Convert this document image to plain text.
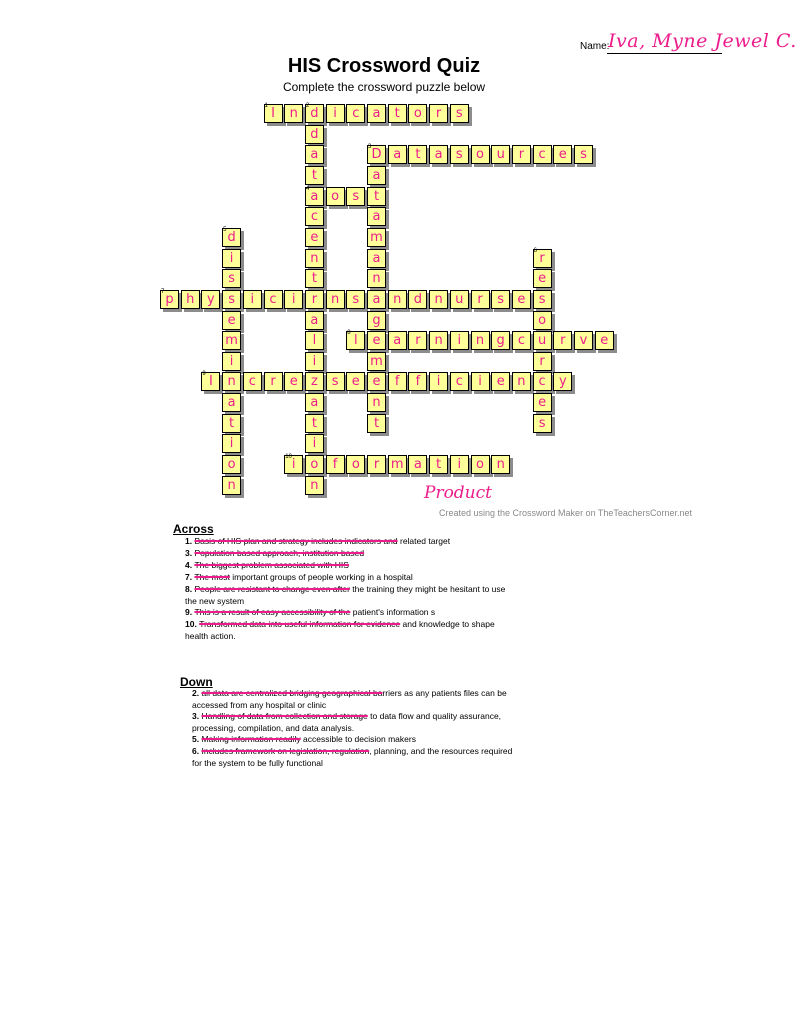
Name:
Iva, Myne Jewel C.
HIS Crossword Quiz
Complete the crossword puzzle below
I
1	n d	i	c	a	t	o	r	s
2
d
a
t
a
c
e
n
t
r
a
l
i
z
a
t
i
o
n
D
3	a	t	a	s	o u	r	c	e	s
a
t
a
m
a
n
a
g
e
m
e
n
t
4	o	s
d
5
i
s
s
e
m
i
n
a
t
i
o
n
r
6
e
s
o
u
r
c
e
s
p
7	h y	i	c	i	n	s	n d n u	r	s	e
l
8	a	r	n	i	n g	c	r	v e
I
9	c	r	e	s	e	f	f	i	c	i	e n	y
i
10	f	o	r m a	t	i	o n
Product
Created using the Crossword Maker on TheTeachersCorner.net
Across
1. Basis of HIS plan and strategy includes indicators and related target
3. Population based approach, institution based
4. The biggest problem associated with HIS
7. The most important groups of people working in a hospital
8. People are resistant to change even after the training they might be hesitant to use the new system
9. This is a result of easy accessibility of the patient's information s
10. Transformed data into useful information for evidence and knowledge to shape health action.
Down
2. all data are centralized bridging geographical barriers as any patients files can be accessed from any hospital or clinic
3. Handling of data from collection and storage to data flow and quality assurance, processing, compilation, and data analysis.
5. Making information readily accessible to decision makers
6. Includes framework on legislation, regulation, planning, and the resources required for the system to be fully functional
